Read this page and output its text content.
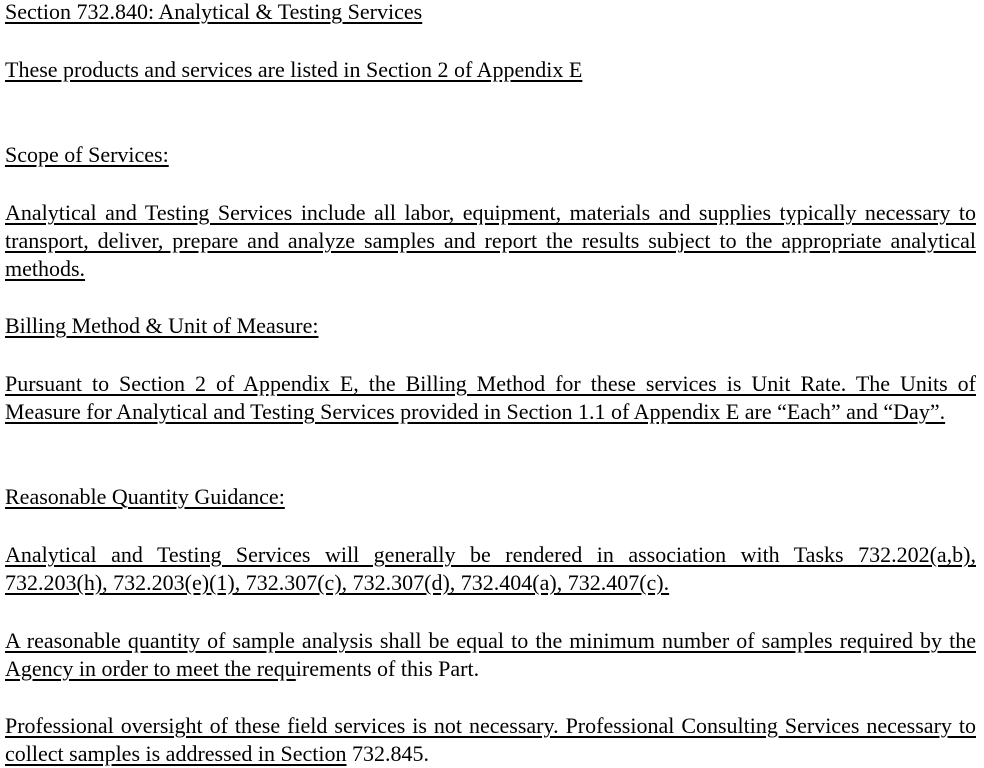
Section 732.840: Analytical & Testing Services

These products and services are listed in Section 2 of Appendix E

Scope of Services:

Analytical and Testing Services include all labor, equipment, materials and supplies typically necessary to transport, deliver, prepare and analyze samples and report the results subject to the appropriate analytical methods.

Billing Method & Unit of Measure:

Pursuant to Section 2 of Appendix E, the Billing Method for these services is Unit Rate. The Units of Measure for Analytical and Testing Services provided in Section 1.1 of Appendix E are “Each” and “Day”.

Reasonable Quantity Guidance:

Analytical and Testing Services will generally be rendered in association with Tasks 732.202(a,b), 732.203(h), 732.203(e)(1), 732.307(c), 732.307(d), 732.404(a), 732.407(c).

A reasonable quantity of sample analysis shall be equal to the minimum number of samples required by the Agency in order to meet the requirements of this Part.

Professional oversight of these field services is not necessary. Professional Consulting Services necessary to collect samples is addressed in Section 732.845.
